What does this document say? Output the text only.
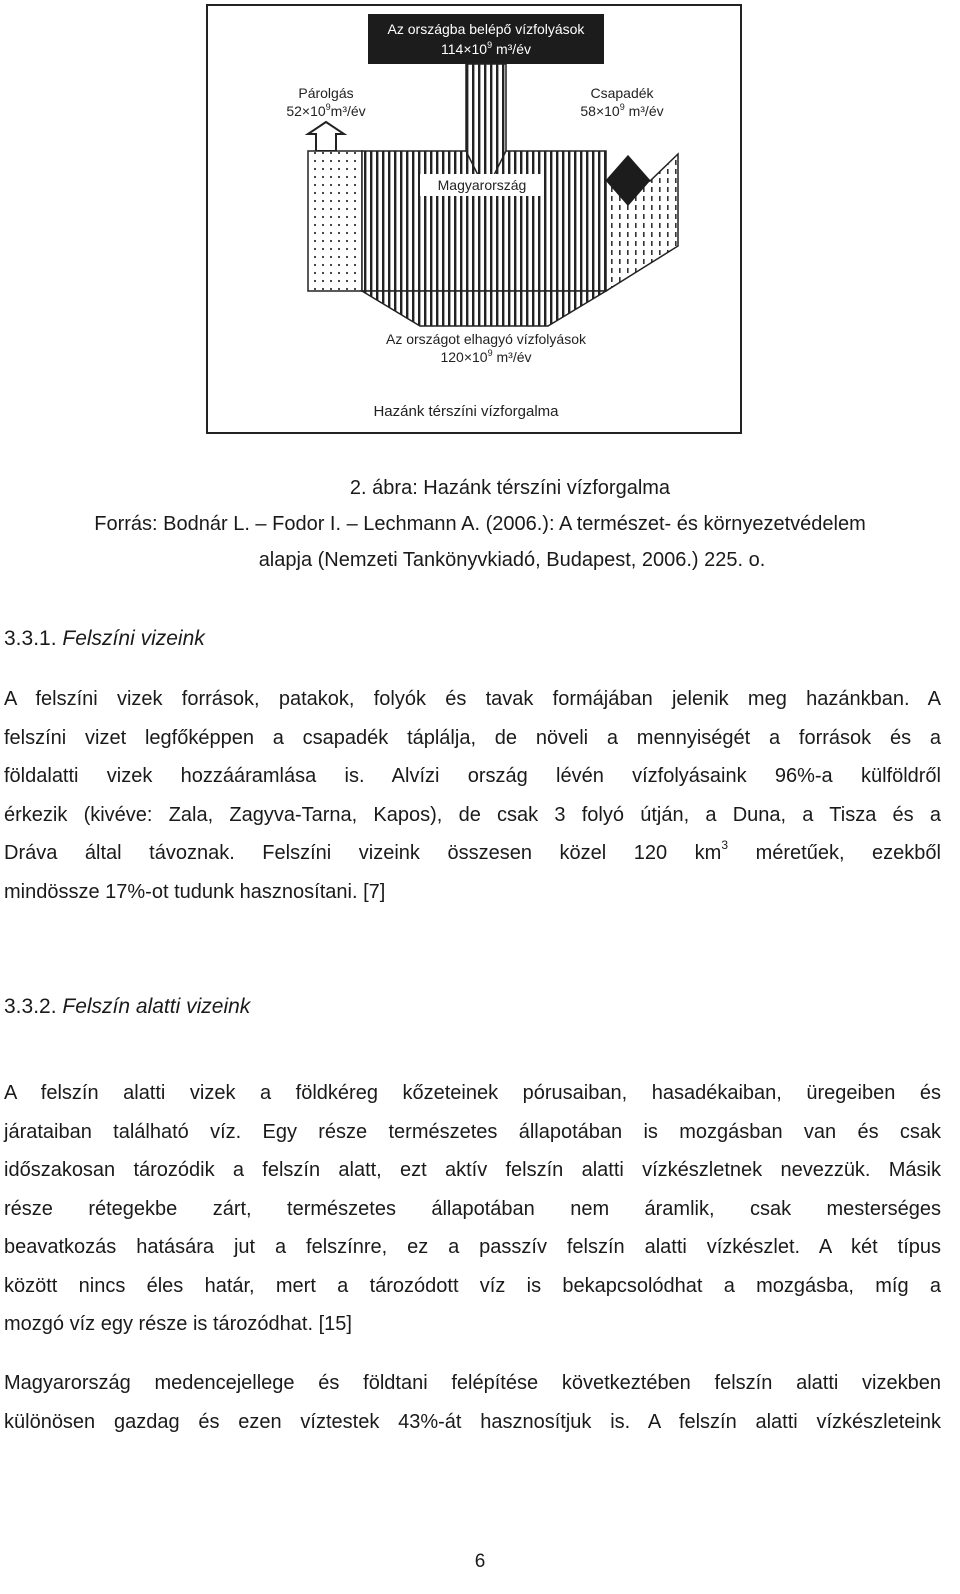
Az országba belépő vízfolyások
$114\times 10^9$ m³/év
Párolgás
$52\times 10^9m^3/év$
Csapadék
$58\times 10^9$ m³/év
Magyarország
Az országot elhagyó vízfolyások
$120\times 10^9$ m³/év
Hazánk térszíni vízforgalma
2. ábra: Hazánk térszíni vízforgalma
Forrás: Bodnár L. – Fodor I. – Lechmann A. (2006.): A természet- és környezetvédelem
alapja (Nemzeti Tankönyvkiadó, Budapest, 2006.) 225. o.
3.3.1. Felszíni vizeink
A felszíni vizek források, patakok, folyók és tavak formájában jelenik meg hazánkban. A
felszíni vizet legfőképpen a csapadék táplálja, de növeli a mennyiségét a források és a
földalatti vizek hozzááramlása is. Alvízi ország lévén vízfolyásaink 96%-a külföldről
érkezik (kivéve: Zala, Zagyva-Tarna, Kapos), de csak 3 folyó útján, a Duna, a Tisza és a
Dráva által távoznak. Felszíni vizeink összesen közel 120 $km^3$ méretűek, ezekből
mindössze 17%-ot tudunk hasznosítani. [7]
3.3.2. Felszín alatti vizeink
A felszín alatti vizek a földkéreg kőzeteinek pórusaiban, hasadékaiban, üregeiben és
járataiban található víz. Egy része természetes állapotában is mozgásban van és csak
időszakosan tározódik a felszín alatt, ezt aktív felszín alatti vízkészletnek nevezzük. Másik
része rétegekbe zárt, természetes állapotában nem áramlik, csak mesterséges
beavatkozás hatására jut a felszínre, ez a passzív felszín alatti vízkészlet. A két típus
között nincs éles határ, mert a tározódott víz is bekapcsolódhat a mozgásba, míg a
mozgó víz egy része is tározódhat. [15]
Magyarország medencejellege és földtani felépítése következtében felszín alatti vizekben
különösen gazdag és ezen víztestek 43%-át hasznosítjuk is. A felszín alatti vízkészleteink
6
